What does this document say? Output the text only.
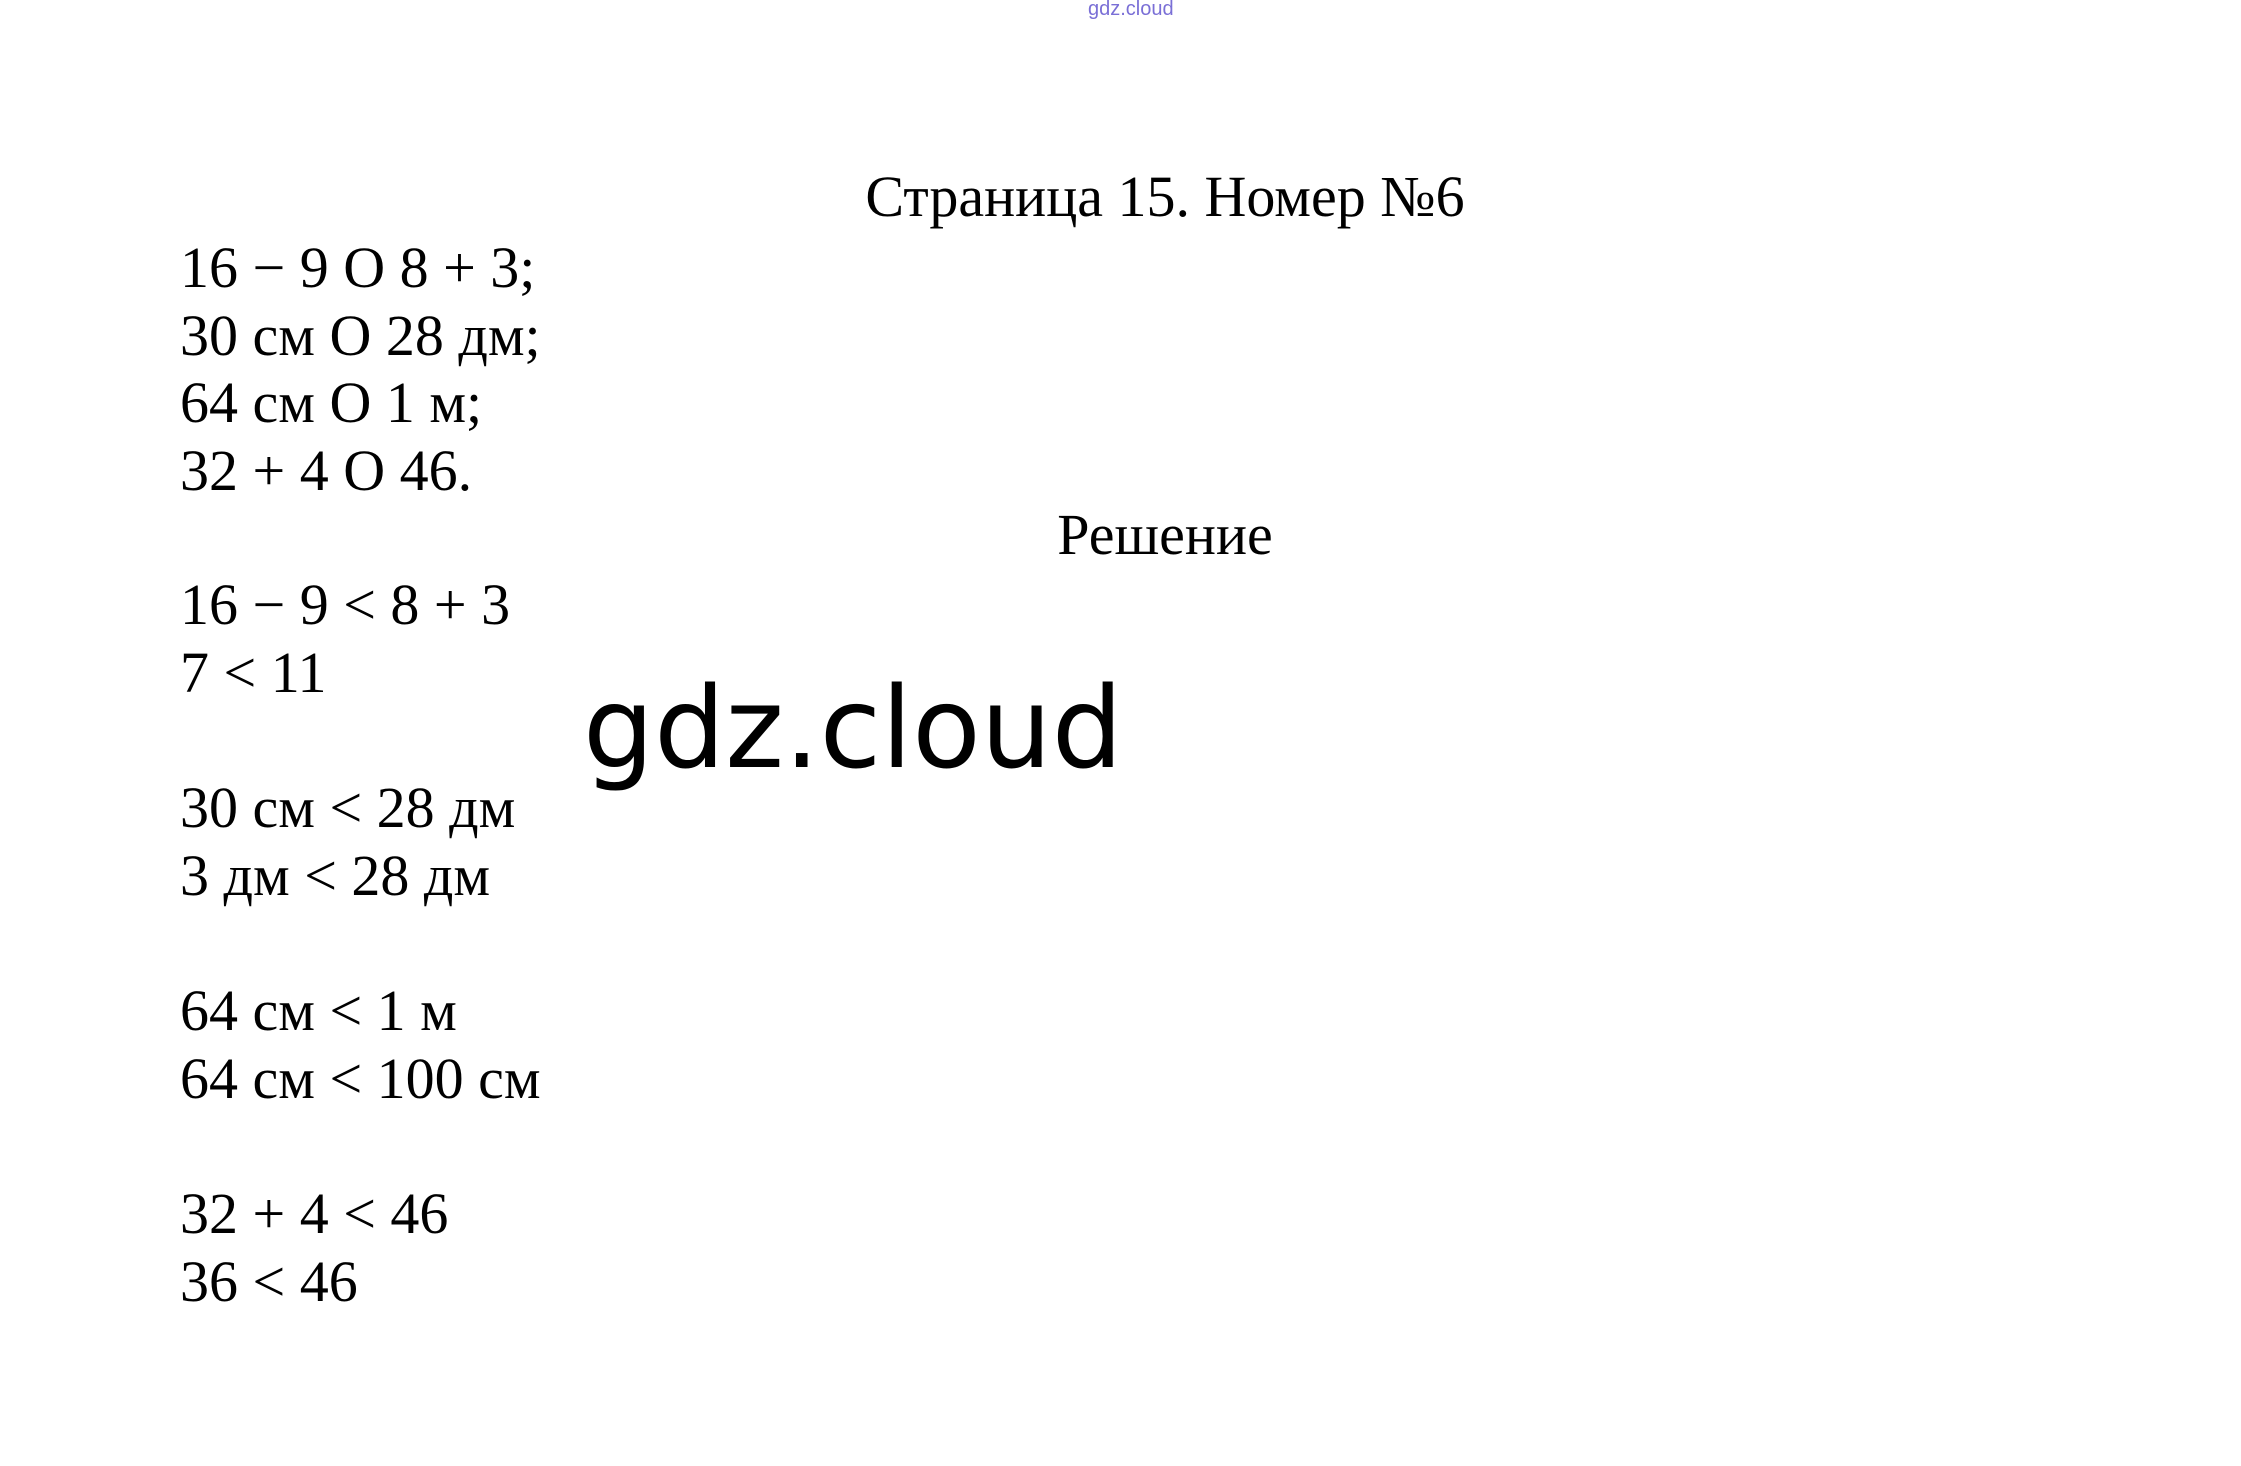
gdz.cloud
Страница 15. Номер №6
16 − 9 O 8 + 3;
30 см O 28 дм;
64 см O 1 м;
32 + 4 O 46.
Решение
16 − 9 < 8 + 3
7 < 11
30 см < 28 дм
3 дм < 28 дм
64 см < 1 м
64 см < 100 см
32 + 4 < 46
36 < 46
gdz.cloud
